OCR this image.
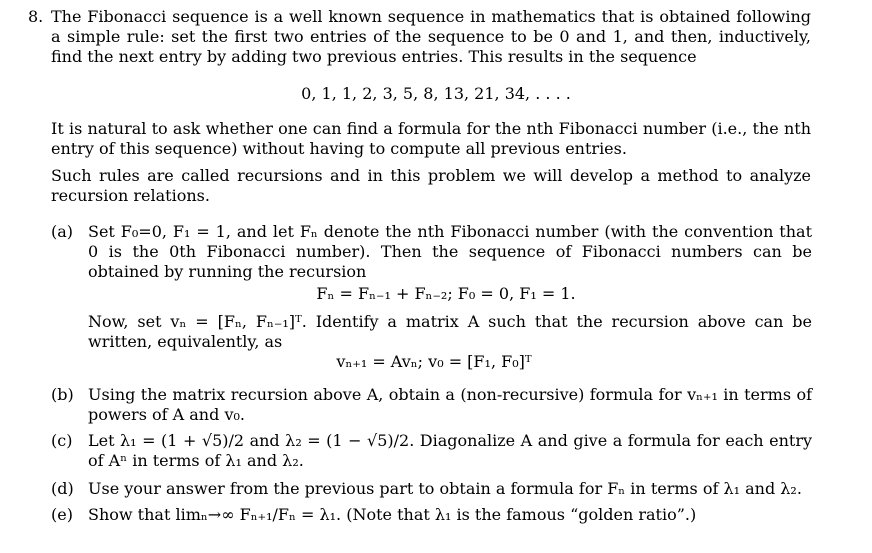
8. The Fibonacci sequence is a well known sequence in mathematics that is obtained following a simple rule: set the first two entries of the sequence to be 0 and 1, and then, inductively, find the next entry by adding two previous entries. This results in the sequence
0, 1, 1, 2, 3, 5, 8, 13, 21, 34, . . . .
It is natural to ask whether one can find a formula for the nth Fibonacci number (i.e., the nth entry of this sequence) without having to compute all previous entries.
Such rules are called recursions and in this problem we will develop a method to analyze recursion relations.
(a) Set F₀=0, F₁ = 1, and let Fₙ denote the nth Fibonacci number (with the convention that 0 is the 0th Fibonacci number). Then the sequence of Fibonacci numbers can be obtained by running the recursion
Fₙ = Fₙ₋₁ + Fₙ₋₂; F₀ = 0, F₁ = 1.
Now, set vₙ = [Fₙ, Fₙ₋₁]ᵀ. Identify a matrix A such that the recursion above can be written, equivalently, as
vₙ₊₁ = Avₙ; v₀ = [F₁, F₀]ᵀ
(b) Using the matrix recursion above A, obtain a (non-recursive) formula for vₙ₊₁ in terms of powers of A and v₀.
(c) Let λ₁ = (1 + √5)/2 and λ₂ = (1 − √5)/2. Diagonalize A and give a formula for each entry of Aⁿ in terms of λ₁ and λ₂.
(d) Use your answer from the previous part to obtain a formula for Fₙ in terms of λ₁ and λ₂.
(e) Show that limₙ→∞ Fₙ₊₁/Fₙ = λ₁. (Note that λ₁ is the famous “golden ratio”.)
